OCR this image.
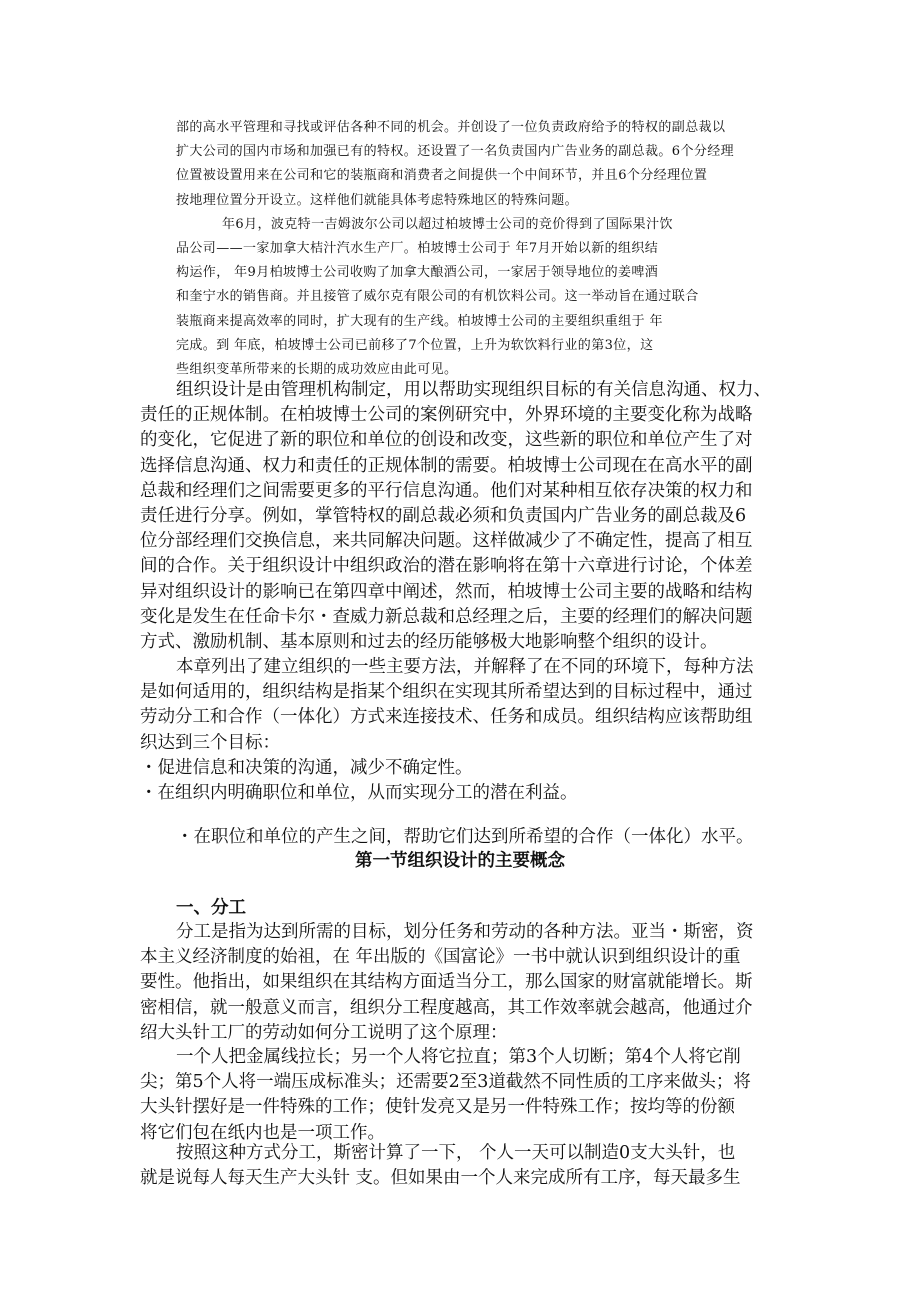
部的高水平管理和寻找或评估各种不同的机会。并创设了一位负责政府给予的特权的副总裁以
扩大公司的国内市场和加强已有的特权。还设置了一名负责国内广告业务的副总裁。6个分经理
位置被设置用来在公司和它的装瓶商和消费者之间提供一个中间环节，并且6个分经理位置
按地理位置分开设立。这样他们就能具体考虑特殊地区的特殊问题。
年6月，波克特一吉姆波尔公司以超过柏坡博士公司的竞价得到了国际果汁饮
品公司——一家加拿大桔汁汽水生产厂。柏坡博士公司于 年7月开始以新的组织结
构运作， 年9月柏坡博士公司收购了加拿大酿酒公司，一家居于领导地位的姜啤酒
和奎宁水的销售商。并且接管了威尔克有限公司的有机饮料公司。这一举动旨在通过联合
装瓶商来提高效率的同时，扩大现有的生产线。柏坡博士公司的主要组织重组于 年
完成。到 年底，柏坡博士公司已前移了7个位置，上升为软饮料行业的第3位，这
些组织变革所带来的长期的成功效应由此可见。
组织设计是由管理机构制定，用以帮助实现组织目标的有关信息沟通、权力、
责任的正规体制。在柏坡博士公司的案例研究中，外界环境的主要变化称为战略
的变化，它促进了新的职位和单位的创设和改变，这些新的职位和单位产生了对
选择信息沟通、权力和责任的正规体制的需要。柏坡博士公司现在在高水平的副
总裁和经理们之间需要更多的平行信息沟通。他们对某种相互依存决策的权力和
责任进行分享。例如，掌管特权的副总裁必须和负责国内广告业务的副总裁及6
位分部经理们交换信息，来共同解决问题。这样做减少了不确定性，提高了相互
间的合作。关于组织设计中组织政治的潜在影响将在第十六章进行讨论，个体差
异对组织设计的影响已在第四章中阐述，然而，柏坡博士公司主要的战略和结构
变化是发生在任命卡尔・查威力新总裁和总经理之后，主要的经理们的解决问题
方式、激励机制、基本原则和过去的经历能够极大地影响整个组织的设计。
本章列出了建立组织的一些主要方法，并解释了在不同的环境下，每种方法
是如何适用的，组织结构是指某个组织在实现其所希望达到的目标过程中，通过
劳动分工和合作（一体化）方式来连接技术、任务和成员。组织结构应该帮助组
织达到三个目标：
・促进信息和决策的沟通，减少不确定性。
・在组织内明确职位和单位，从而实现分工的潜在利益。
・在职位和单位的产生之间，帮助它们达到所希望的合作（一体化）水平。
第一节组织设计的主要概念
一、分工
分工是指为达到所需的目标，划分任务和劳动的各种方法。亚当・斯密，资
本主义经济制度的始祖，在 年出版的《国富论》一书中就认识到组织设计的重
要性。他指出，如果组织在其结构方面适当分工，那么国家的财富就能增长。斯
密相信，就一般意义而言，组织分工程度越高，其工作效率就会越高，他通过介
绍大头针工厂的劳动如何分工说明了这个原理：
一个人把金属线拉长；另一个人将它拉直；第3个人切断；第4个人将它削
尖；第5个人将一端压成标准头；还需要2至3道截然不同性质的工序来做头；将
大头针摆好是一件特殊的工作；使针发亮又是另一件特殊工作；按均等的份额
将它们包在纸内也是一项工作。
按照这种方式分工，斯密计算了一下， 个人一天可以制造0支大头针，也
就是说每人每天生产大头针 支。但如果由一个人来完成所有工序，每天最多生
